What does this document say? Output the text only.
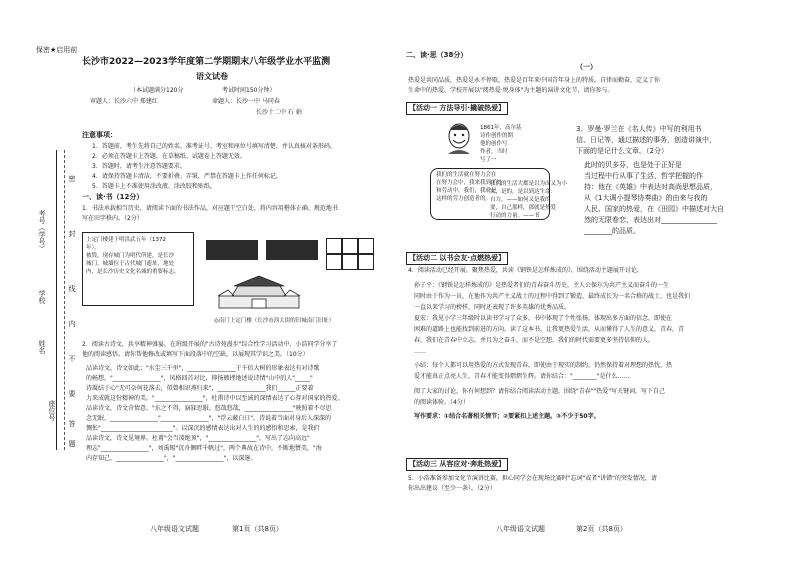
考号（学号）
学校
姓名
座位号
密
封
线
内
不
要
答
题
保密★启用前
长沙市2022—2023学年度第二学期期末八年级学业水平监测
语文试卷
（本试题满分120分	考试时间150分钟）
审题人：长沙六中 郑建红	命题人：长沙一中 马同春
长沙十二中 石 娟
注意事项：
1．答题前，考生先将自己的姓名、准考证号、考室和座位号填写清楚，并认真核对条形码。
2．必须在答题卡上答题，在草稿纸、试题卷上答题无效。
3．答题时，请考生注意答题要求。
4．请保持答题卡清洁，不要折叠、弄皱，严禁在答题卡上作任何标记。
5．答题卡上不准使用涂改液、涂改胶和贴纸。
一、读·书（12分）
1．书法承载相当历史，请阅读下面的书法作品，对应题干空白处，将内容用楷体正确、规范地书
写在田字格内。（2分）
上定门楼建于明洪武五年（1372
年）。
被毁，现存城门为明代所建，是长沙
城门。城墙位于古代城门遗址，地处
内，是长沙历史文化名城的重要标志。
◎南门上定门楼（长沙市西大街的旧城南门旧址）
2．阅读古诗文，共享精神盛宴。在班级开展的"古诗苑漫步"综合性学习活动中，小浩同学分享了
他的阅读感悟。请你帮他修改或填写下面段落中的空缺，以展现其学识之美。（10分）
品读诗文，诗文如此；"水尘三千里"，________________于千倍大树的形象表达有对诗歌
的畅想，"________________"，风格回首对比，抑扬顿挫地述说诗情"山中的人"_____"
诗凝结于心"无可奈何花落去，似曾相识燕归来"，________________我们______正要着
力来成就这份精神的美，"________________"，杜甫诗中以至诚的深情表达了心存对国家的热爱。
品读诗文，诗文含情意。"东之不得，寤寐思服。悠哉悠哉，________________"映照着不尽思
念无眠，________________"________________"，"浮云蔽白日"，诗说着当面对身后人深深的
惆怅"________________________"。以深沉的感情表达出对人生的的感悟和思索，是我们
品读诗文，诗文见境界。杜甫"会当凌绝顶"，"________________"，写出了志向高远"
理志"________________"，刘禹锡"沉舟侧畔千帆过"，两个典故在诗中，不断地赞美，"海
内存知己，________________"，"________________"，以深邃。
八年级语文试题	第1页（共8页）
二、读·思（38分）
（一）
热爱是共同品质，热爱是永不停歇，热爱是百年来中国青年身上的特质。自律而勤奋，定义了你
生命中的热爱。学校开展以"阅热爱·悦身体"为主题的演讲文化节，请你参与。
【活动一 方法导引·撬破热爱】
1861年，高尔基
诗作创作的期
他的创作写
作者，当时
写了一
我们的生活就在努力会在
在努力会中，我来我到了处
和劳动中。我们，我就是
这样的劳力创造者的。
我们的生活大都是以为而又为小
实，是的，是以到达生命：
自力。——如何又是我的
要，自己那样，那就是热爱
行动的力量。——书
3．罗曼·罗兰在《名人传》中写的利用书
信、日记等，通过描述的事务，创造讲演中，
下面的是记什么文章。（2分）
此时的贝多芬，也是处于正好是
当过程中行从事了生活，哲学把握的作
持：他在《英雄》中表达对高尚思想品质，
从《1大调小提琴协奏曲》的由来与我的
人民、国家的热爱，在《田园》中描述对大自
然的无限眷恋，表达出对________________
________的品质。
【活动二 以书会友·点燃热爱】
4．阅读活动已经开展，聚焦热爱，共读《钢铁是怎样炼成的》，围绕活动主题展开讨论。
孙子平：《钢铁是怎样炼成的》是热爱者们的青春奋斗历史，主人公保尔为共产主义而奋斗的一生
同时由于作为一员，在他作为共产主义战士的过程中得到了锻造，最终成长为一名合格的战士，也是我们
一直以来学习的榜样，同时还表现了许多英雄的优秀品质。
夏宏：我见小学三年级时以读书学习了众多，书中体现了个性张扬，体现出多方面的信念，即使在
困难的道路上也能找到前进的方向，读了这本书，让我更热爱生活，从而懂得了人生的意义，青春，青
春，我们在青春中立志，并且为之奋斗，而不是空想。我们的时代需要更多坚持信仰的人。
……
小结：每个人都可以用热爱的方式发现青春，即使由于现实的制约，仍然保持着对理想的热忱，热
爱才能真正点亮人生，青春才能变得熠熠生辉。请你结合："________"是什么……
阅了大家的讨论，你有何想到？请你结合阅读活动主题，围绕"青春""热爱"写关键词，写下自己
的阅读体验。（4分）
写作要求：①结合名著相关情节；②要紧扣上述主题。③不少于50字。
【活动三 从容应对·奔赴热爱】
5．小浩准备参加文化节演讲比赛，担心同学会在现场比赛时"忘词"或者"讲错"的突发情况，请
你出出建议（至少一条）。（2分）
八年级语文试题	第2页（共8页）
